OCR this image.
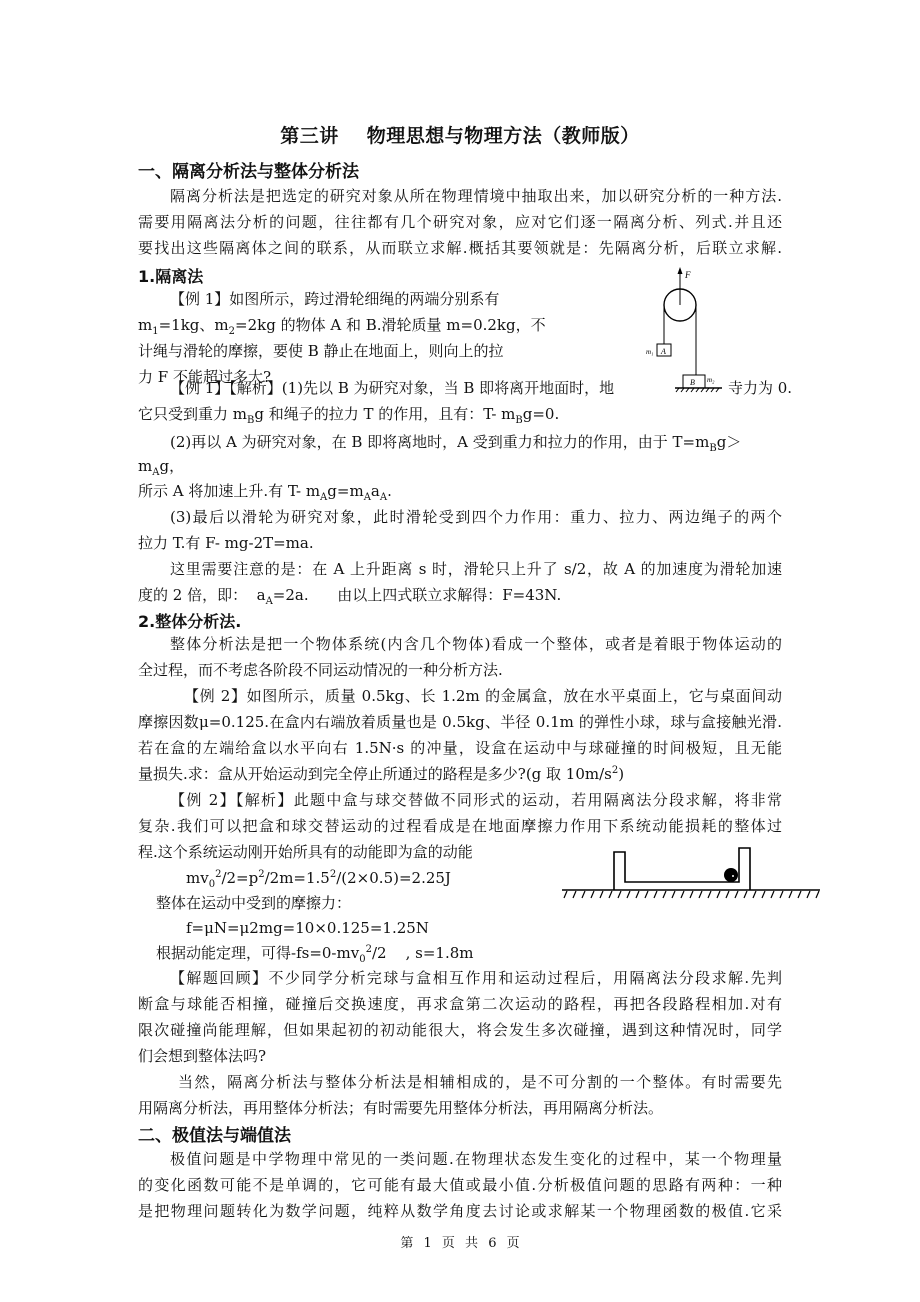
第三讲 物理思想与物理方法（教师版）
一、隔离分析法与整体分析法
隔离分析法是把选定的研究对象从所在物理情境中抽取出来，加以研究分析的一种方法.
需要用隔离法分析的问题，往往都有几个研究对象，应对它们逐一隔离分析、列式.并且还
要找出这些隔离体之间的联系，从而联立求解.概括其要领就是：先隔离分析，后联立求解.
1.隔离法
【例 1】如图所示，跨过滑轮细绳的两端分别系有
$m_1=1kg$、$m_2=2kg$ 的物体 A 和 B.滑轮质量 m=0.2kg，不
计绳与滑轮的摩擦，要使 B 静止在地面上，则向上的拉
力 F 不能超过多大?
F
A
m₁
B m₂
【例 1】【解析】(1)先以 B 为研究对象，当 B 即将离开地面时，地	寺力为 0.
它只受到重力 $m_Bg$ 和绳子的拉力 T 的作用，且有：T- $m_Bg=0$.
(2)再以 A 为研究对象，在 B 即将离地时，A 受到重力和拉力的作用，由于 $T=m_Bg>$
$m_Ag$，
所示 A 将加速上升.有 T- $m_Ag=m_Aa_A$.
(3)最后以滑轮为研究对象，此时滑轮受到四个力作用：重力、拉力、两边绳子的两个
拉力 T.有 F- mg-2T=ma.
这里需要注意的是：在 A 上升距离 s 时，滑轮只上升了 s/2，故 A 的加速度为滑轮加速
度的 2 倍，即：  $a_A=2a$.      由以上四式联立求解得：F=43N.
2.整体分析法.
整体分析法是把一个物体系统(内含几个物体)看成一个整体，或者是着眼于物体运动的
全过程，而不考虑各阶段不同运动情况的一种分析方法.
【例 2】如图所示，质量 0.5kg、长 1.2m 的金属盒，放在水平桌面上，它与桌面间动
摩擦因数μ=0.125.在盒内右端放着质量也是 0.5kg、半径 0.1m 的弹性小球，球与盒接触光滑.
若在盒的左端给盒以水平向右 1.5N·s 的冲量，设盒在运动中与球碰撞的时间极短，且无能
量损失.求：盒从开始运动到完全停止所通过的路程是多少?(g 取 $10m/s^2$)
【例 2】【解析】此题中盒与球交替做不同形式的运动，若用隔离法分段求解，将非常
复杂.我们可以把盒和球交替运动的过程看成是在地面摩擦力作用下系统动能损耗的整体过
程.这个系统运动刚开始所具有的动能即为盒的动能
$mv_0^2/2=p^2/2m=1.5^2/(2\times 0.5)=2.25J$
整体在运动中受到的摩擦力：
f=μN=μ2mg=10×0.125=1.25N
根据动能定理，可得$-fs=0-mv_0^2/2$    , s=1.8m
【解题回顾】不少同学分析完球与盒相互作用和运动过程后，用隔离法分段求解.先判
断盒与球能否相撞，碰撞后交换速度，再求盒第二次运动的路程，再把各段路程相加.对有
限次碰撞尚能理解，但如果起初的初动能很大，将会发生多次碰撞，遇到这种情况时，同学
们会想到整体法吗?
当然，隔离分析法与整体分析法是相辅相成的，是不可分割的一个整体。有时需要先
用隔离分析法，再用整体分析法；有时需要先用整体分析法，再用隔离分析法。
二、极值法与端值法
极值问题是中学物理中常见的一类问题.在物理状态发生变化的过程中，某一个物理量
的变化函数可能不是单调的，它可能有最大值或最小值.分析极值问题的思路有两种：一种
是把物理问题转化为数学问题，纯粹从数学角度去讨论或求解某一个物理函数的极值.它采
第 1 页 共 6 页
